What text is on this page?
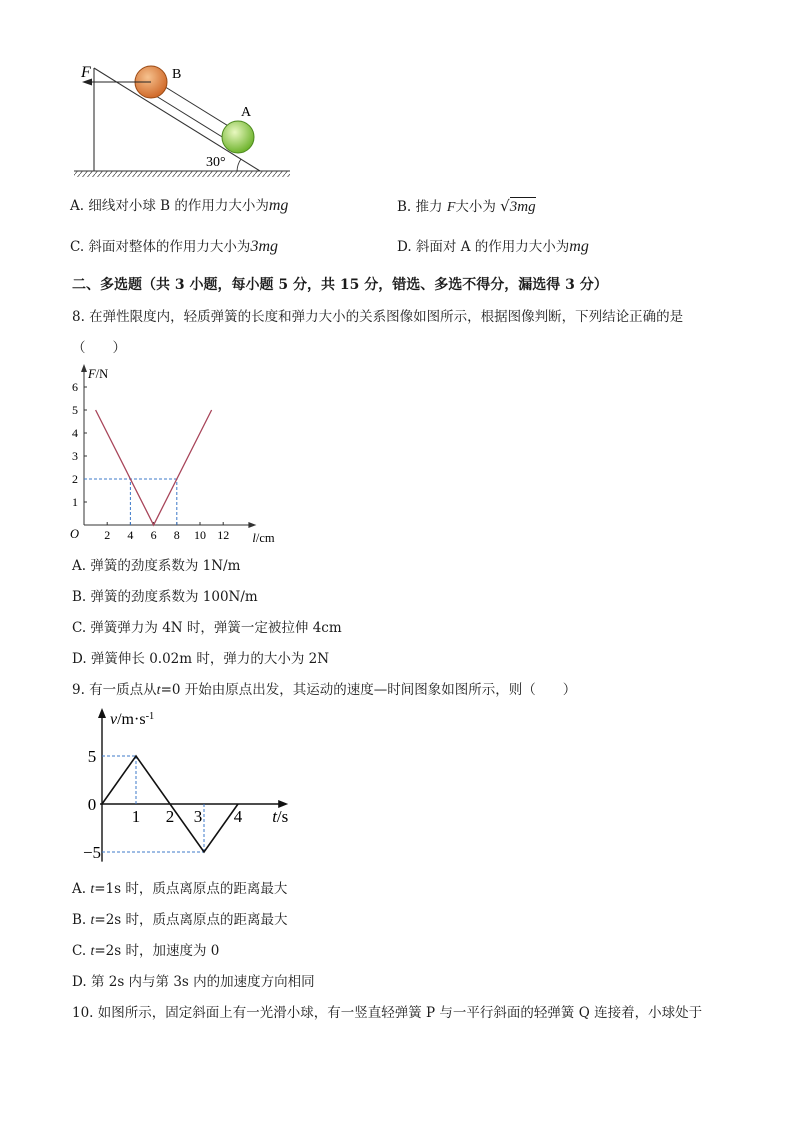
F	B
A
30°
A. 细线对小球 B 的作用力大小为mg	B. 推力 F大小为 √3mg
C. 斜面对整体的作用力大小为3mg	D. 斜面对 A 的作用力大小为mg
二、多选题（共 3 小题，每小题 5 分，共 15 分，错选、多选不得分，漏选得 3 分）
8. 在弹性限度内，轻质弹簧的长度和弹力大小的关系图像如图所示，根据图像判断，下列结论正确的是
（　　）
2 4 6 8 10 12
1
2
3
4
5
6
O
F/N
l/cm
A. 弹簧的劲度系数为 1N/m
B. 弹簧的劲度系数为 100N/m
C. 弹簧弹力为 4N 时，弹簧一定被拉伸 4cm
D. 弹簧伸长 0.02m 时，弹力的大小为 2N
9. 有一质点从t=0 开始由原点出发，其运动的速度—时间图象如图所示，则（　　）
1 2 3 4
5
−5
0
$v/m\cdot s^{-1}$
t/s
A. t=1s 时，质点离原点的距离最大
B. t=2s 时，质点离原点的距离最大
C. t=2s 时，加速度为 0
D. 第 2s 内与第 3s 内的加速度方向相同
10. 如图所示，固定斜面上有一光滑小球，有一竖直轻弹簧 P 与一平行斜面的轻弹簧 Q 连接着，小球处于
